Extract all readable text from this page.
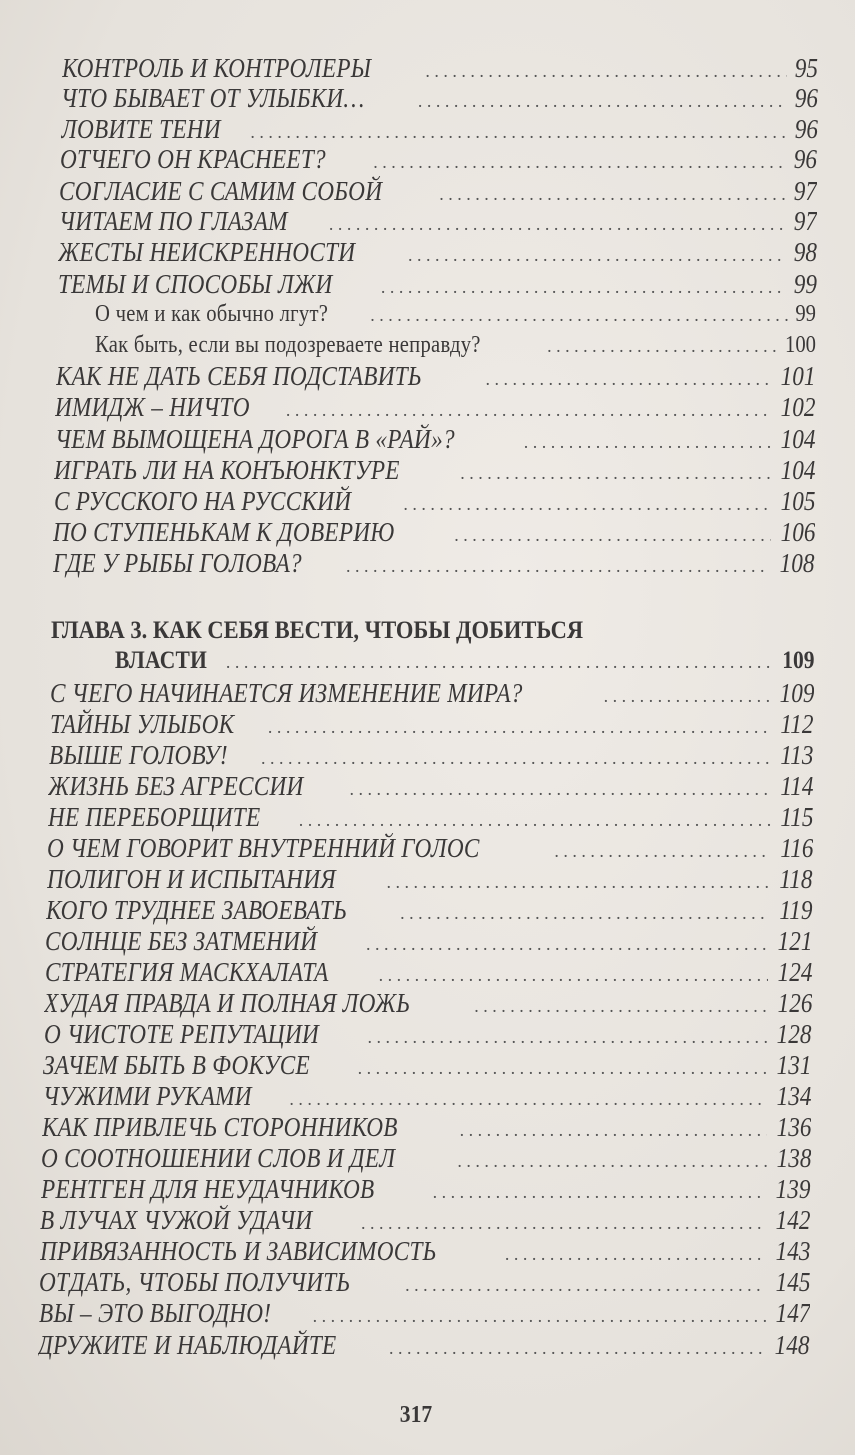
КОНТРОЛЬ И КОНТРОЛЕРЫ . . .	95
ЧТО БЫВАЕТ ОТ УЛЫБКИ… . . .	96
ЛОВИТЕ ТЕНИ . . .	96
ОТЧЕГО ОН КРАСНЕЕТ? . . .	96
СОГЛАСИЕ С САМИМ СОБОЙ . . .	97
ЧИТАЕМ ПО ГЛАЗАМ . . .	97
ЖЕСТЫ НЕИСКРЕННОСТИ . . .	98
ТЕМЫ И СПОСОБЫ ЛЖИ . . .	99
О чем и как обычно лгут? . . .	99
Как быть, если вы подозреваете неправду? . . .	100
КАК НЕ ДАТЬ СЕБЯ ПОДСТАВИТЬ . . .	101
ИМИДЖ – НИЧТО . . .	102
ЧЕМ ВЫМОЩЕНА ДОРОГА В «РАЙ»? . . .	104
ИГРАТЬ ЛИ НА КОНЪЮНКТУРЕ . . .	104
С РУССКОГО НА РУССКИЙ . . .	105
ПО СТУПЕНЬКАМ К ДОВЕРИЮ . . .	106
ГДЕ У РЫБЫ ГОЛОВА? . . .	108
ГЛАВА 3. КАК СЕБЯ ВЕСТИ, ЧТОБЫ ДОБИТЬСЯ
ВЛАСТИ . . .	109
С ЧЕГО НАЧИНАЕТСЯ ИЗМЕНЕНИЕ МИРА? . . .	109
ТАЙНЫ УЛЫБОК . . .	112
ВЫШЕ ГОЛОВУ! . . .	113
ЖИЗНЬ БЕЗ АГРЕССИИ . . .	114
НЕ ПЕРЕБОРЩИТЕ . . .	115
О ЧЕМ ГОВОРИТ ВНУТРЕННИЙ ГОЛОС . . .	116
ПОЛИГОН И ИСПЫТАНИЯ . . .	118
КОГО ТРУДНЕЕ ЗАВОЕВАТЬ . . .	119
СОЛНЦЕ БЕЗ ЗАТМЕНИЙ . . .	121
СТРАТЕГИЯ МАСКХАЛАТА . . .	124
ХУДАЯ ПРАВДА И ПОЛНАЯ ЛОЖЬ . . .	126
О ЧИСТОТЕ РЕПУТАЦИИ . . .	128
ЗАЧЕМ БЫТЬ В ФОКУСЕ . . .	131
ЧУЖИМИ РУКАМИ . . .	134
КАК ПРИВЛЕЧЬ СТОРОННИКОВ . . .	136
О СООТНОШЕНИИ СЛОВ И ДЕЛ . . .	138
РЕНТГЕН ДЛЯ НЕУДАЧНИКОВ . . .	139
В ЛУЧАХ ЧУЖОЙ УДАЧИ . . .	142
ПРИВЯЗАННОСТЬ И ЗАВИСИМОСТЬ . . .	143
ОТДАТЬ, ЧТОБЫ ПОЛУЧИТЬ . . .	145
ВЫ – ЭТО ВЫГОДНО! . . .	147
ДРУЖИТЕ И НАБЛЮДАЙТЕ . . .	148
317
